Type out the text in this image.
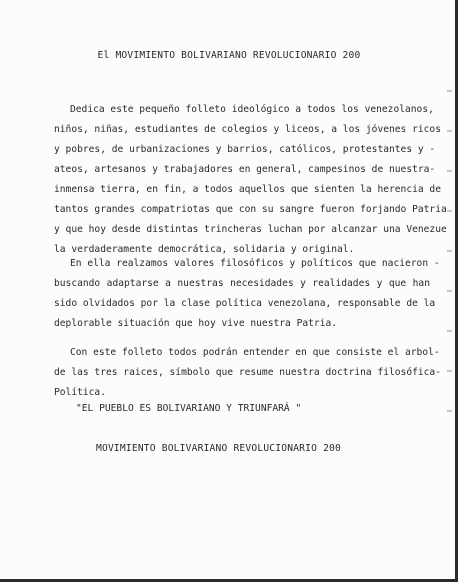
El MOVIMIENTO BOLIVARIANO REVOLUCIONARIO 200

Dedica este pequeño folleto ideológico a todos los venezolanos,
niños, niñas, estudiantes de colegios y liceos, a los jóvenes ricos
y pobres, de urbanizaciones y barrios, católicos, protestantes y -
ateos, artesanos y trabajadores en general, campesinos de nuestra-
inmensa tierra, en fin, a todos aquellos que sienten la herencia de
tantos grandes compatriotas que con su sangre fueron forjando Patria
y que hoy desde distintas trincheras luchan por alcanzar una Venezue
la verdaderamente democrática, solidaria y original.

En ella realzamos valores filosóficos y políticos que nacieron -
buscando adaptarse a nuestras necesidades y realidades y que han
sido olvidados por la clase política venezolana, responsable de la
deplorable situación que hoy vive nuestra Patria.

Con este folleto todos podrán entender en que consiste el arbol-
de las tres raices, símbolo que resume nuestra doctrina filosófica-
Política.

"EL PUEBLO ES BOLIVARIANO Y TRIUNFARÁ "
MOVIMIENTO BOLIVARIANO REVOLUCIONARIO 200
